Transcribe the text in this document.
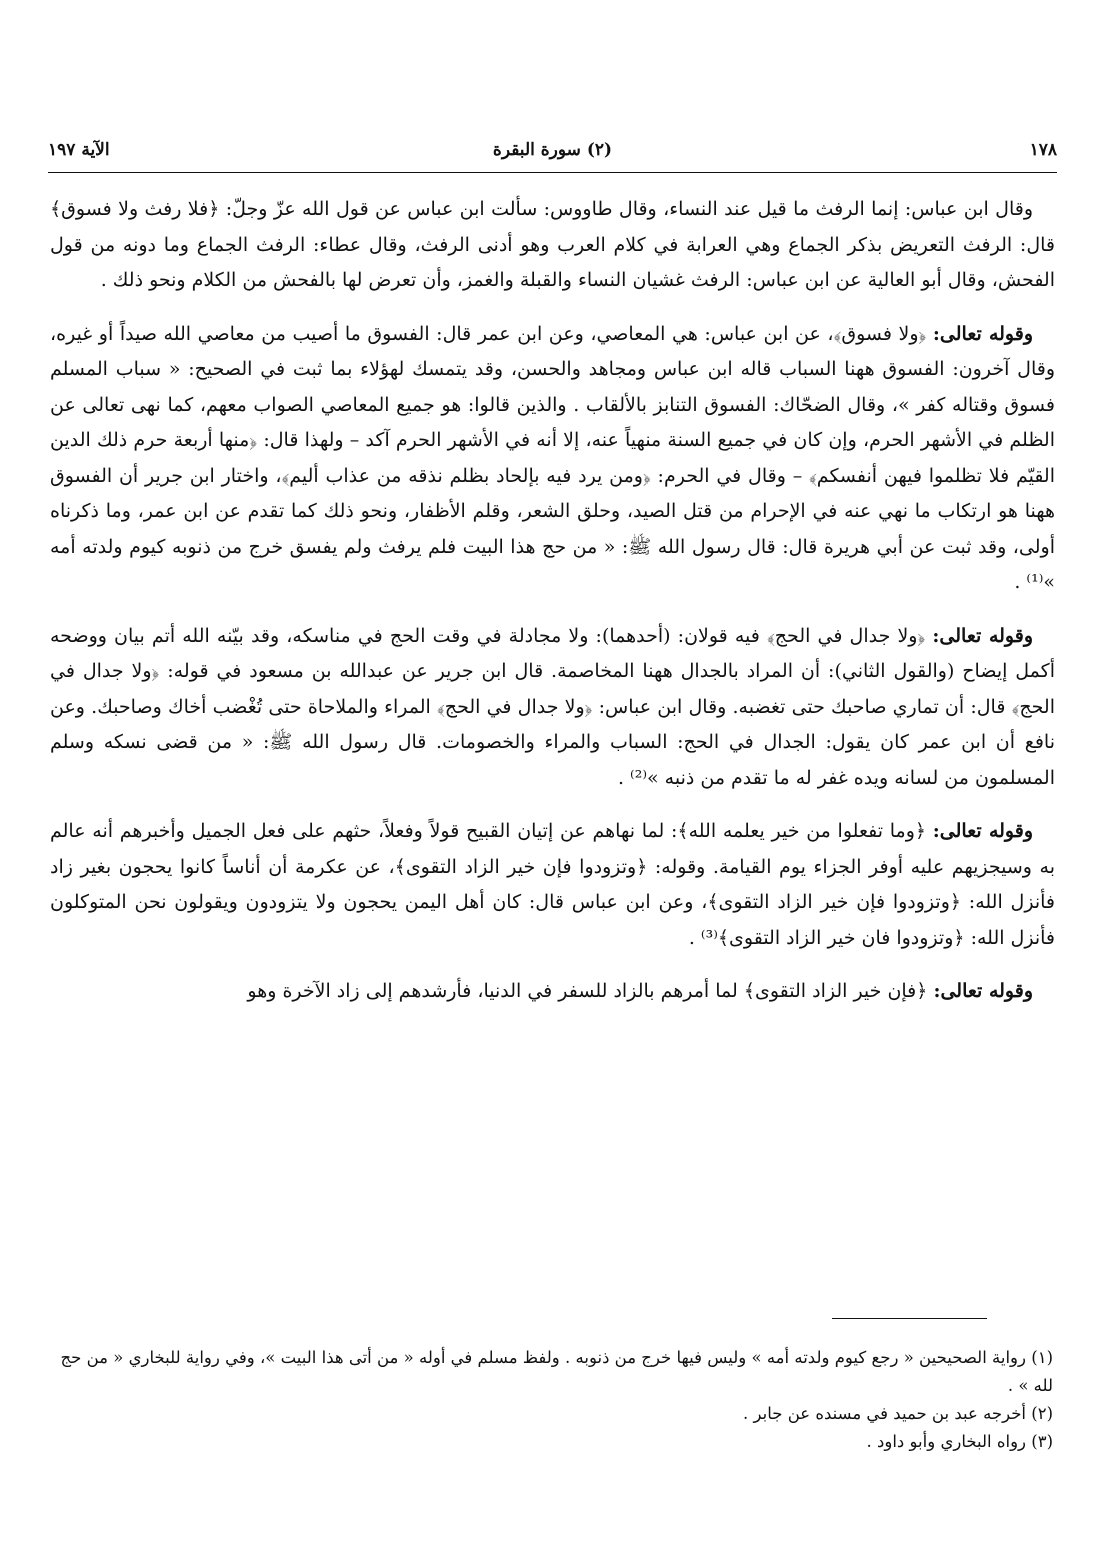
١٧٨
(٢) سورة البقرة
الآية ١٩٧

وقال ابن عباس: إنما الرفث ما قيل عند النساء، وقال طاووس: سألت ابن عباس عن قول الله عزّ وجلّ: ﴿فلا رفث ولا فسوق﴾ قال: الرفث التعريض بذكر الجماع وهي العرابة في كلام العرب وهو أدنى الرفث، وقال عطاء: الرفث الجماع وما دونه من قول الفحش، وقال أبو العالية عن ابن عباس: الرفث غشيان النساء والقبلة والغمز، وأن تعرض لها بالفحش من الكلام ونحو ذلك .

وقوله تعالى: ﴿ولا فسوق﴾، عن ابن عباس: هي المعاصي، وعن ابن عمر قال: الفسوق ما أصيب من معاصي الله صيداً أو غيره، وقال آخرون: الفسوق ههنا السباب قاله ابن عباس ومجاهد والحسن، وقد يتمسك لهؤلاء بما ثبت في الصحيح: « سباب المسلم فسوق وقتاله كفر »، وقال الضحّاك: الفسوق التنابز بالألقاب . والذين قالوا: هو جميع المعاصي الصواب معهم، كما نهى تعالى عن الظلم في الأشهر الحرم، وإن كان في جميع السنة منهياً عنه، إلا أنه في الأشهر الحرم آكد – ولهذا قال: ﴿منها أربعة حرم ذلك الدين القيّم فلا تظلموا فيهن أنفسكم﴾ – وقال في الحرم: ﴿ومن يرد فيه بإلحاد بظلم نذقه من عذاب أليم﴾، واختار ابن جرير أن الفسوق ههنا هو ارتكاب ما نهي عنه في الإحرام من قتل الصيد، وحلق الشعر، وقلم الأظفار، ونحو ذلك كما تقدم عن ابن عمر، وما ذكرناه أولى، وقد ثبت عن أبي هريرة قال: قال رسول الله ﷺ: « من حج هذا البيت فلم يرفث ولم يفسق خرج من ذنوبه كيوم ولدته أمه »⁽¹⁾ .

وقوله تعالى: ﴿ولا جدال في الحج﴾ فيه قولان: (أحدهما): ولا مجادلة في وقت الحج في مناسكه، وقد بيّنه الله أتم بيان ووضحه أكمل إيضاح (والقول الثاني): أن المراد بالجدال ههنا المخاصمة. قال ابن جرير عن عبدالله بن مسعود في قوله: ﴿ولا جدال في الحج﴾ قال: أن تماري صاحبك حتى تغضبه. وقال ابن عباس: ﴿ولا جدال في الحج﴾ المراء والملاحاة حتى تُغْضب أخاك وصاحبك. وعن نافع أن ابن عمر كان يقول: الجدال في الحج: السباب والمراء والخصومات. قال رسول الله ﷺ: « من قضى نسكه وسلم المسلمون من لسانه ويده غفر له ما تقدم من ذنبه »⁽²⁾ .

وقوله تعالى: ﴿وما تفعلوا من خير يعلمه الله﴾: لما نهاهم عن إتيان القبيح قولاً وفعلاً، حثهم على فعل الجميل وأخبرهم أنه عالم به وسيجزيهم عليه أوفر الجزاء يوم القيامة. وقوله: ﴿وتزودوا فإن خير الزاد التقوى﴾، عن عكرمة أن أناساً كانوا يحجون بغير زاد فأنزل الله: ﴿وتزودوا فإن خير الزاد التقوى﴾، وعن ابن عباس قال: كان أهل اليمن يحجون ولا يتزودون ويقولون نحن المتوكلون فأنزل الله: ﴿وتزودوا فان خير الزاد التقوى﴾⁽³⁾ .

وقوله تعالى: ﴿فإن خير الزاد التقوى﴾ لما أمرهم بالزاد للسفر في الدنيا، فأرشدهم إلى زاد الآخرة وهو

(١) رواية الصحيحين « رجع كيوم ولدته أمه » وليس فيها خرج من ذنوبه . ولفظ مسلم في أوله « من أتى هذا البيت »، وفي رواية للبخاري « من حج لله » .

(٢) أخرجه عبد بن حميد في مسنده عن جابر .

(٣) رواه البخاري وأبو داود .
